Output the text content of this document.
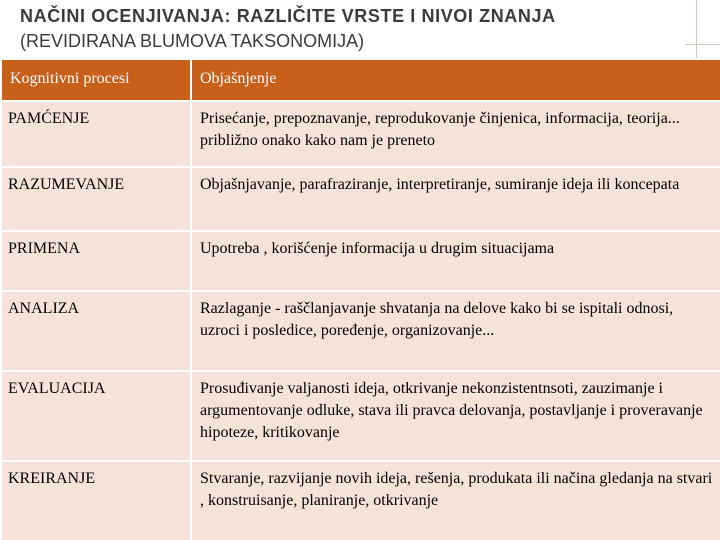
NAČINI OCENJIVANJA: RAZLIČITE VRSTE I NIVOI ZNANJA
(REVIDIRANA BLUMOVA TAKSONOMIJA)
Kognitivni procesi	Objašnjenje
PAMĆENJE	Prisećanje, prepoznavanje, reprodukovanje činjenica, informacija, teorija... približno onako kako nam je preneto
RAZUMEVANJE	Objašnjavanje, parafraziranje, interpretiranje, sumiranje ideja ili koncepata
PRIMENA	Upotreba , korišćenje informacija u drugim situacijama
ANALIZA	Razlaganje - raščlanjavanje shvatanja na delove kako bi se ispitali odnosi, uzroci i posledice, poređenje, organizovanje...
EVALUACIJA	Prosuđivanje valjanosti ideja, otkrivanje nekonzistentnsoti, zauzimanje i argumentovanje odluke, stava ili pravca delovanja, postavljanje i proveravanje hipoteze, kritikovanje
KREIRANJE	Stvaranje, razvijanje novih ideja, rešenja, produkata ili načina gledanja na stvari , konstruisanje, planiranje, otkrivanje
